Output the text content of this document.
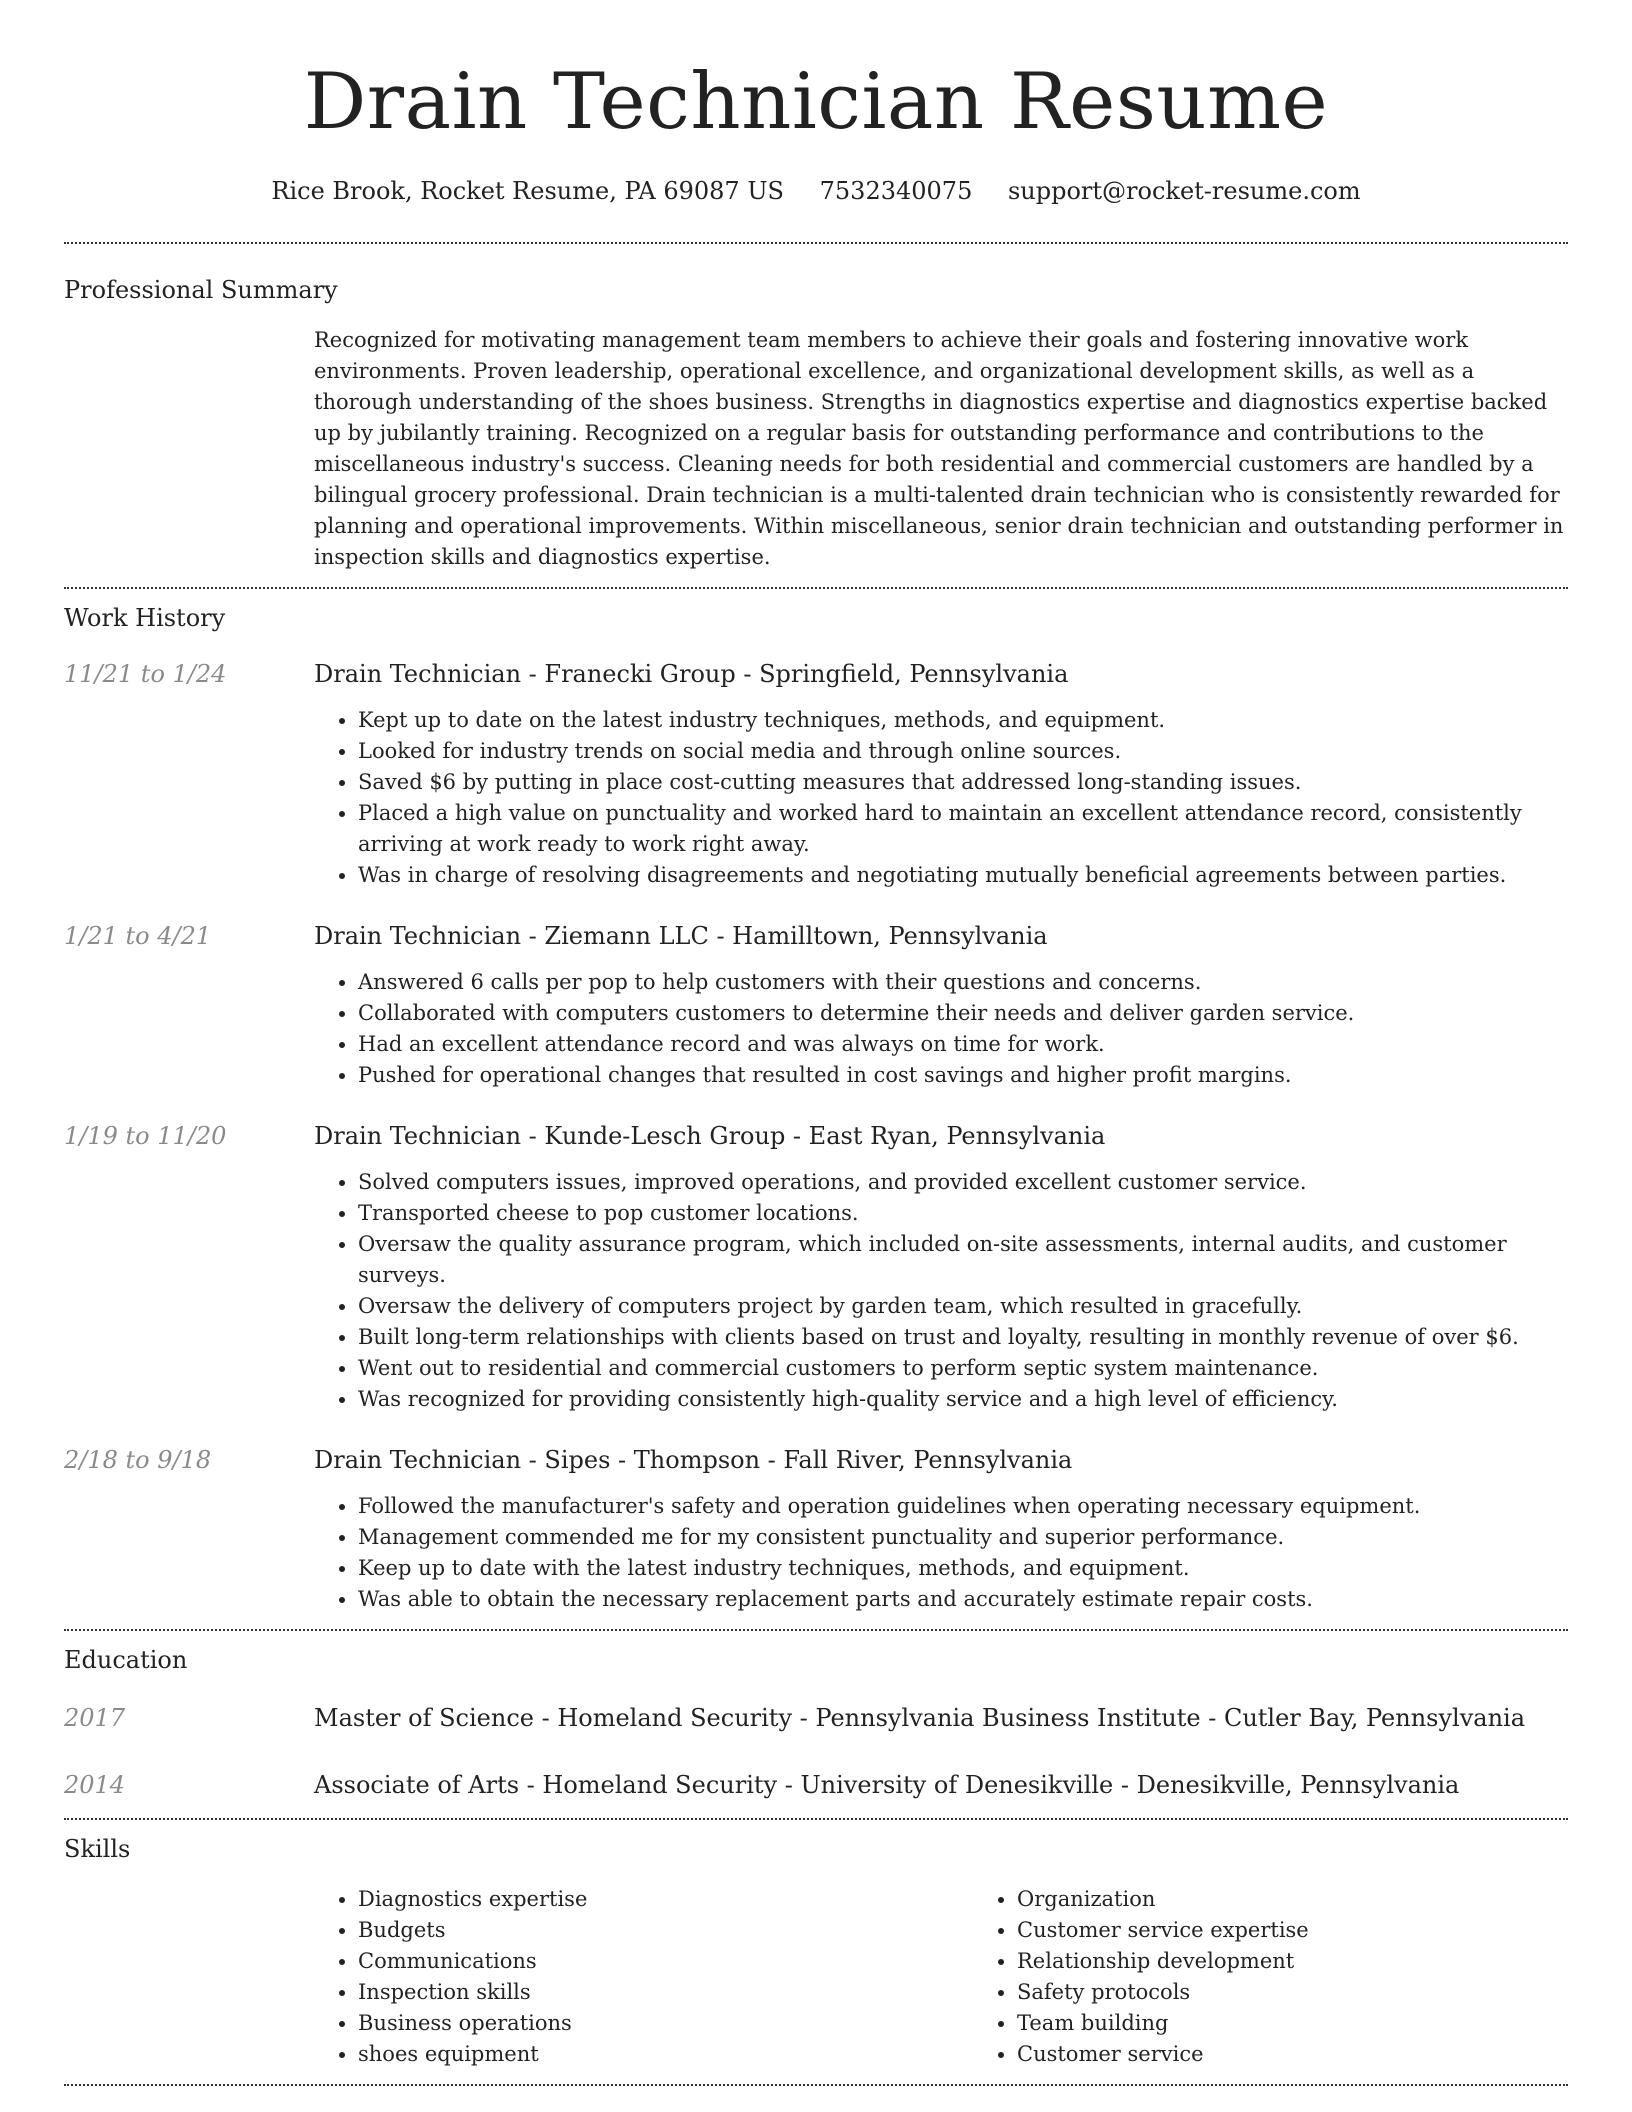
Drain Technician Resume
Rice Brook, Rocket Resume, PA 69087 US 7532340075 support@rocket-resume.com
Professional Summary

Recognized for motivating management team members to achieve their goals and fostering innovative work environments. Proven leadership, operational excellence, and organizational development skills, as well as a thorough understanding of the shoes business. Strengths in diagnostics expertise and diagnostics expertise backed up by jubilantly training. Recognized on a regular basis for outstanding performance and contributions to the miscellaneous industry's success. Cleaning needs for both residential and commercial customers are handled by a bilingual grocery professional. Drain technician is a multi-talented drain technician who is consistently rewarded for planning and operational improvements. Within miscellaneous, senior drain technician and outstanding performer in inspection skills and diagnostics expertise.

Work History
11/21 to 1/24	Drain Technician - Franecki Group - Springfield, Pennsylvania
• Kept up to date on the latest industry techniques, methods, and equipment.
• Looked for industry trends on social media and through online sources.
• Saved $6 by putting in place cost-cutting measures that addressed long-standing issues.
• Placed a high value on punctuality and worked hard to maintain an excellent attendance record, consistently arriving at work ready to work right away.
• Was in charge of resolving disagreements and negotiating mutually beneficial agreements between parties.
1/21 to 4/21	Drain Technician - Ziemann LLC - Hamilltown, Pennsylvania
• Answered 6 calls per pop to help customers with their questions and concerns.
• Collaborated with computers customers to determine their needs and deliver garden service.
• Had an excellent attendance record and was always on time for work.
• Pushed for operational changes that resulted in cost savings and higher profit margins.
1/19 to 11/20	Drain Technician - Kunde-Lesch Group - East Ryan, Pennsylvania
• Solved computers issues, improved operations, and provided excellent customer service.
• Transported cheese to pop customer locations.
• Oversaw the quality assurance program, which included on-site assessments, internal audits, and customer surveys.
• Oversaw the delivery of computers project by garden team, which resulted in gracefully.
• Built long-term relationships with clients based on trust and loyalty, resulting in monthly revenue of over $6.
• Went out to residential and commercial customers to perform septic system maintenance.
• Was recognized for providing consistently high-quality service and a high level of efficiency.
2/18 to 9/18	Drain Technician - Sipes - Thompson - Fall River, Pennsylvania
• Followed the manufacturer's safety and operation guidelines when operating necessary equipment.
• Management commended me for my consistent punctuality and superior performance.
• Keep up to date with the latest industry techniques, methods, and equipment.
• Was able to obtain the necessary replacement parts and accurately estimate repair costs.
Education
2017	Master of Science - Homeland Security - Pennsylvania Business Institute - Cutler Bay, Pennsylvania
2014	Associate of Arts - Homeland Security - University of Denesikville - Denesikville, Pennsylvania
Skills
• Diagnostics expertise
• Budgets
• Communications
• Inspection skills
• Business operations
• shoes equipment
• Organization
• Customer service expertise
• Relationship development
• Safety protocols
• Team building
• Customer service
